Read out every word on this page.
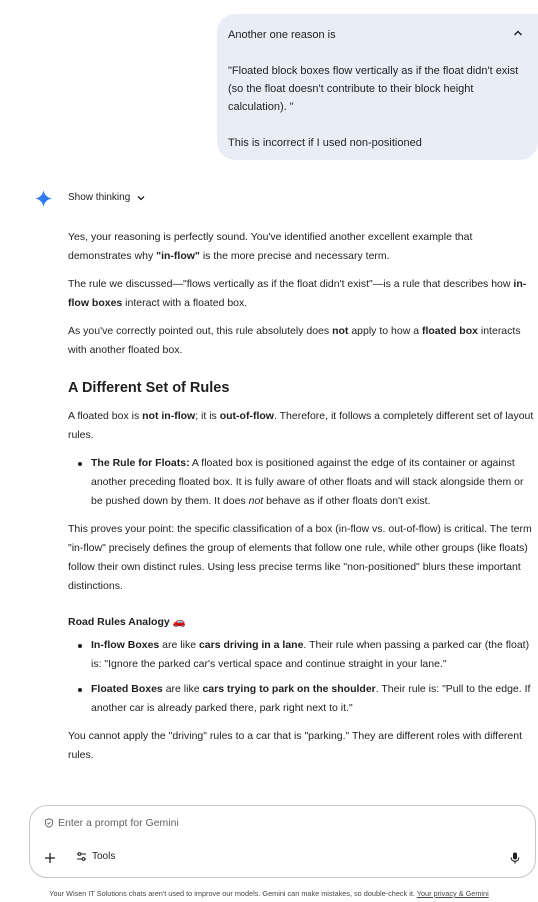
Another one reason is

"Floated block boxes flow vertically as if the float didn't exist (so the float doesn't contribute to their block height calculation). "

This is incorrect if I used non-positioned

Show thinking

Yes, your reasoning is perfectly sound. You've identified another excellent example that demonstrates why "in-flow" is the more precise and necessary term.

The rule we discussed—"flows vertically as if the float didn't exist"—is a rule that describes how in-flow boxes interact with a floated box.

As you've correctly pointed out, this rule absolutely does not apply to how a floated box interacts with another floated box.

A Different Set of Rules

A floated box is not in-flow; it is out-of-flow. Therefore, it follows a completely different set of layout rules.

The Rule for Floats: A floated box is positioned against the edge of its container or against another preceding floated box. It is fully aware of other floats and will stack alongside them or be pushed down by them. It does not behave as if other floats don't exist.

This proves your point: the specific classification of a box (in-flow vs. out-of-flow) is critical. The term "in-flow" precisely defines the group of elements that follow one rule, while other groups (like floats) follow their own distinct rules. Using less precise terms like "non-positioned" blurs these important distinctions.

Road Rules Analogy 🚗
In-flow Boxes are like cars driving in a lane. Their rule when passing a parked car (the float) is: "Ignore the parked car's vertical space and continue straight in your lane."
Floated Boxes are like cars trying to park on the shoulder. Their rule is: "Pull to the edge. If another car is already parked there, park right next to it."

You cannot apply the "driving" rules to a car that is "parking." They are different roles with different rules.

Enter a prompt for Gemini
Tools
Your Wisen IT Solutions chats aren't used to improve our models. Gemini can make mistakes, so double-check it. Your privacy & Gemini
